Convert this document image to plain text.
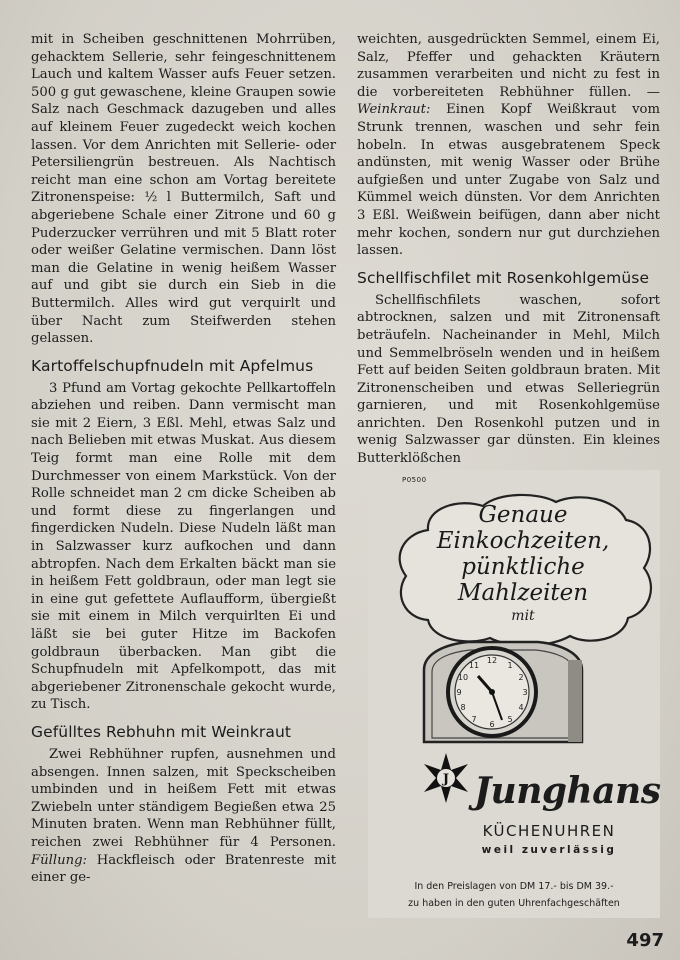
mit in Scheiben geschnittenen Mohrrüben, gehacktem Sellerie, sehr feingeschnittenem Lauch und kaltem Wasser aufs Feuer setzen. 500 g gut gewaschene, kleine Graupen sowie Salz nach Geschmack dazugeben und alles auf kleinem Feuer zugedeckt weich kochen lassen. Vor dem Anrichten mit Sellerie- oder Petersiliengrün bestreuen. Als Nachtisch reicht man eine schon am Vortag bereitete Zitronenspeise: ½ l Buttermilch, Saft und abgeriebene Schale einer Zitrone und 60 g Puderzucker verrühren und mit 5 Blatt roter oder weißer Gelatine vermischen. Dann löst man die Gelatine in wenig heißem Wasser auf und gibt sie durch ein Sieb in die Buttermilch. Alles wird gut verquirlt und über Nacht zum Steifwerden stehen gelassen.

Kartoffelschupfnudeln mit Apfelmus

3 Pfund am Vortag gekochte Pellkartoffeln abziehen und reiben. Dann vermischt man sie mit 2 Eiern, 3 Eßl. Mehl, etwas Salz und nach Belieben mit etwas Muskat. Aus diesem Teig formt man eine Rolle mit dem Durchmesser von einem Markstück. Von der Rolle schneidet man 2 cm dicke Scheiben ab und formt diese zu fingerlangen und fingerdicken Nudeln. Diese Nudeln läßt man in Salzwasser kurz aufkochen und dann abtropfen. Nach dem Erkalten bäckt man sie in heißem Fett goldbraun, oder man legt sie in eine gut gefettete Auflaufform, übergießt sie mit einem in Milch verquirlten Ei und läßt sie bei guter Hitze im Backofen goldbraun überbacken. Man gibt die Schupfnudeln mit Apfelkompott, das mit abgeriebener Zitronenschale gekocht wurde, zu Tisch.

Gefülltes Rebhuhn mit Weinkraut

Zwei Rebhühner rupfen, ausnehmen und absengen. Innen salzen, mit Speckscheiben umbinden und in heißem Fett mit etwas Zwiebeln unter ständigem Begießen etwa 25 Minuten braten. Wenn man Rebhühner füllt, reichen zwei Rebhühner für 4 Personen. Füllung: Hackfleisch oder Bratenreste mit einer ge-

weichten, ausgedrückten Semmel, einem Ei, Salz, Pfeffer und gehackten Kräutern zusammen verarbeiten und nicht zu fest in die vorbereiteten Rebhühner füllen. — Weinkraut: Einen Kopf Weißkraut vom Strunk trennen, waschen und sehr fein hobeln. In etwas ausgebratenem Speck andünsten, mit wenig Wasser oder Brühe aufgießen und unter Zugabe von Salz und Kümmel weich dünsten. Vor dem Anrichten 3 Eßl. Weißwein beifügen, dann aber nicht mehr kochen, sondern nur gut durchziehen lassen.

Schellfischfilet mit Rosenkohlgemüse

Schellfischfilets waschen, sofort abtrocknen, salzen und mit Zitronensaft beträufeln. Nacheinander in Mehl, Milch und Semmelbröseln wenden und in heißem Fett auf beiden Seiten goldbraun braten. Mit Zitronenscheiben und etwas Selleriegrün garnieren, und mit Rosenkohlgemüse anrichten. Den Rosenkohl putzen und in wenig Salzwasser gar dünsten. Ein kleines Butterklößchen

P0500
Genaue
Einkochzeiten,
pünktliche
Mahlzeiten
mit
12
1
2
3
4
5
6
7
8
9
10
11
J Junghans
KÜCHENUHREN
weil zuverlässig
In den Preislagen von DM 17.- bis DM 39.-
zu haben in den guten Uhrenfachgeschäften
497
